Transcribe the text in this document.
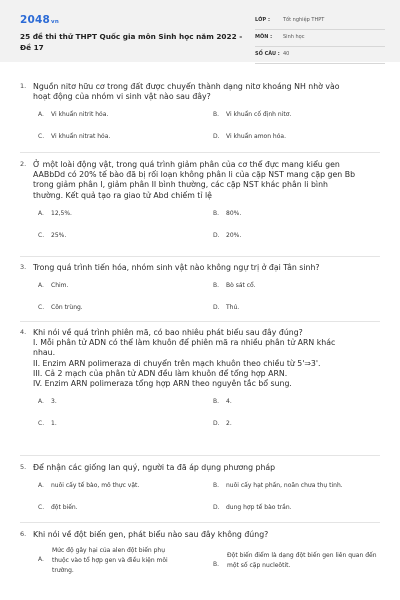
2048vn
25 đề thi thử THPT Quốc gia môn Sinh học năm 2022 - Đề 17
LỚP :	Tốt nghiệp THPT
MÔN : Sinh học
SỐ CÂU : 40
1. Nguồn nitơ hữu cơ trong đất được chuyển thành dạng nitơ khoáng NH nhờ vào
hoạt động của nhóm vi sinh vật nào sau đây?
A. Vi khuẩn nitrit hóa.	B. Vi khuẩn cố định nitơ.
C. Vi khuẩn nitrat hóa.	D. Vi khuẩn amon hóa.
2. Ở một loài động vật, trong quá trình giảm phân của cơ thể đực mang kiểu gen
AABbDd có 20% tế bào đã bị rối loạn không phân li của cặp NST mang cặp gen Bb
trong giảm phân I, giảm phân II bình thường, các cặp NST khác phân li bình
thường. Kết quả tạo ra giao tử Abd chiếm tỉ lệ
A. 12,5%.	B. 80%.
C. 25%.	D. 20%.
3. Trong quá trình tiến hóa, nhóm sinh vật nào không ngự trị ở đại Tân sinh?
A. Chim.	B. Bò sát cổ.
C. Côn trùng.	D. Thú.
4. Khi nói về quá trình phiên mã, có bao nhiêu phát biểu sau đây đúng?
I. Mỗi phân tử ADN có thể làm khuôn để phiên mã ra nhiều phân tử ARN khác
nhau.
II. Enzim ARN polimeraza di chuyển trên mạch khuôn theo chiều từ 5'⇒3'.
III. Cả 2 mạch của phân tử ADN đều làm khuôn để tổng hợp ARN.
IV. Enzim ARN polimeraza tổng hợp ARN theo nguyên tắc bổ sung.
A. 3.	B. 4.
C. 1.	D. 2.
5. Để nhận các giống lan quý, người ta đã áp dụng phương pháp
A. nuôi cấy tế bào, mô thực vật.	B. nuôi cấy hạt phấn, noãn chưa thụ tinh.
C. đột biến.	D. dung hợp tế bào trần.
6. Khi nói về đột biến gen, phát biểu nào sau đây không đúng?
A.
Mức độ gây hại của alen đột biến phụ thuộc vào tổ hợp gen và điều kiện môi trường.
B.
Đột biến điểm là dạng đột biến gen liên quan đến một số cặp nucleôtit.
